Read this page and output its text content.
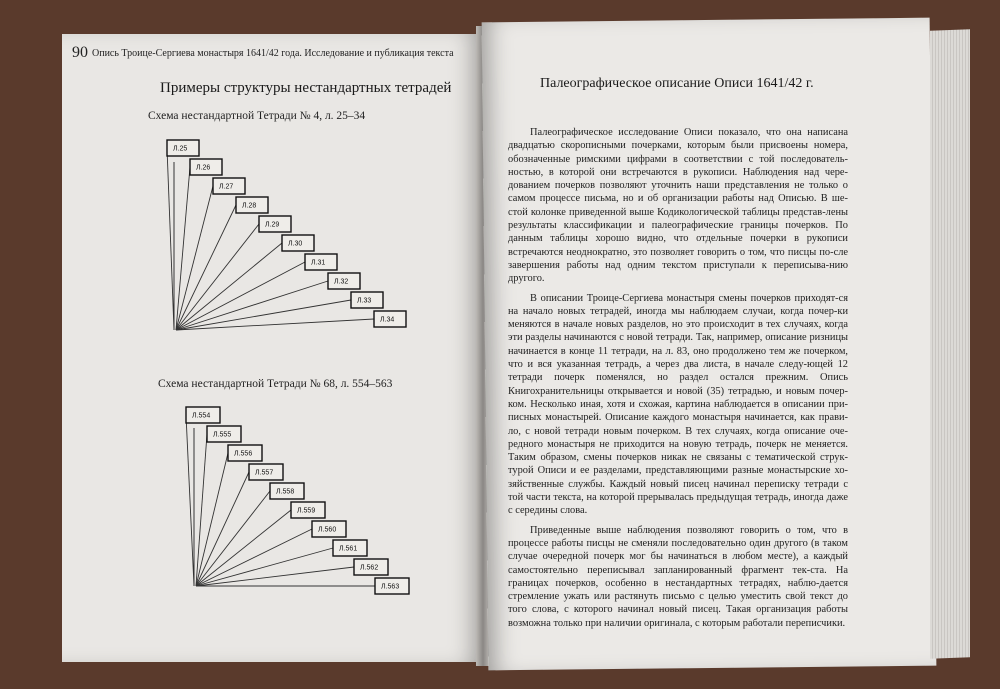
90 Опись Троице-Сергиева монастыря 1641/42 года. Исследование и публикация текста
Примеры структуры нестандартных тетрадей
Схема нестандартной Тетради № 4, л. 25–34
Схема нестандартной Тетради № 68, л. 554–563
Л.25
Л.26
Л.27
Л.28
Л.29
Л.30
Л.31
Л.32
Л.33
Л.34
Л.554
Л.555
Л.556
Л.557
Л.558
Л.559
Л.560
Л.561
Л.562
Л.563
Палеографическое описание Описи 1641/42 г.

Палеографическое исследование Описи показало, что она написана двадцатью скорописными почерками, которым были присвоены номера, обозначенные римскими цифрами в соответствии с той последователь-ностью, в которой они встречаются в рукописи. Наблюдения над чере-дованием почерков позволяют уточнить наши представления не только о самом процессе письма, но и об организации работы над Описью. В ше-стой колонке приведенной выше Кодикологической таблицы представ-лены результаты классификации и палеографические границы почерков. По данным таблицы хорошо видно, что отдельные почерки в рукописи встречаются неоднократно, это позволяет говорить о том, что писцы по-сле завершения работы над одним текстом приступали к переписыва-нию другого.

В описании Троице-Сергиева монастыря смены почерков приходят-ся на начало новых тетрадей, иногда мы наблюдаем случаи, когда почер-ки меняются в начале новых разделов, но это происходит в тех случаях, когда эти разделы начинаются с новой тетради. Так, например, описание ризницы начинается в конце 11 тетради, на л. 83, оно продолжено тем же почерком, что и вся указанная тетрадь, а через два листа, в начале следу-ющей 12 тетради почерк поменялся, но раздел остался прежним. Опись Книгохранительницы открывается и новой (35) тетрадью, и новым почер-ком. Несколько иная, хотя и схожая, картина наблюдается в описании при-писных монастырей. Описание каждого монастыря начинается, как прави-ло, с новой тетради новым почерком. В тех случаях, когда описание оче-редного монастыря не приходится на новую тетрадь, почерк не меняется. Таким образом, смены почерков никак не связаны с тематической струк-турой Описи и ее разделами, представляющими разные монастырские хо-зяйственные службы. Каждый новый писец начинал переписку тетради с той части текста, на которой прерывалась предыдущая тетрадь, иногда даже с середины слова.

Приведенные выше наблюдения позволяют говорить о том, что в процессе работы писцы не сменяли последовательно один другого (в таком случае очередной почерк мог бы начинаться в любом месте), а каждый самостоятельно переписывал запланированный фрагмент тек-ста. На границах почерков, особенно в нестандартных тетрадях, наблю-дается стремление ужать или растянуть письмо с целью уместить свой текст до того слова, с которого начинал новый писец. Такая организация работы возможна только при наличии оригинала, с которым работали переписчики.
